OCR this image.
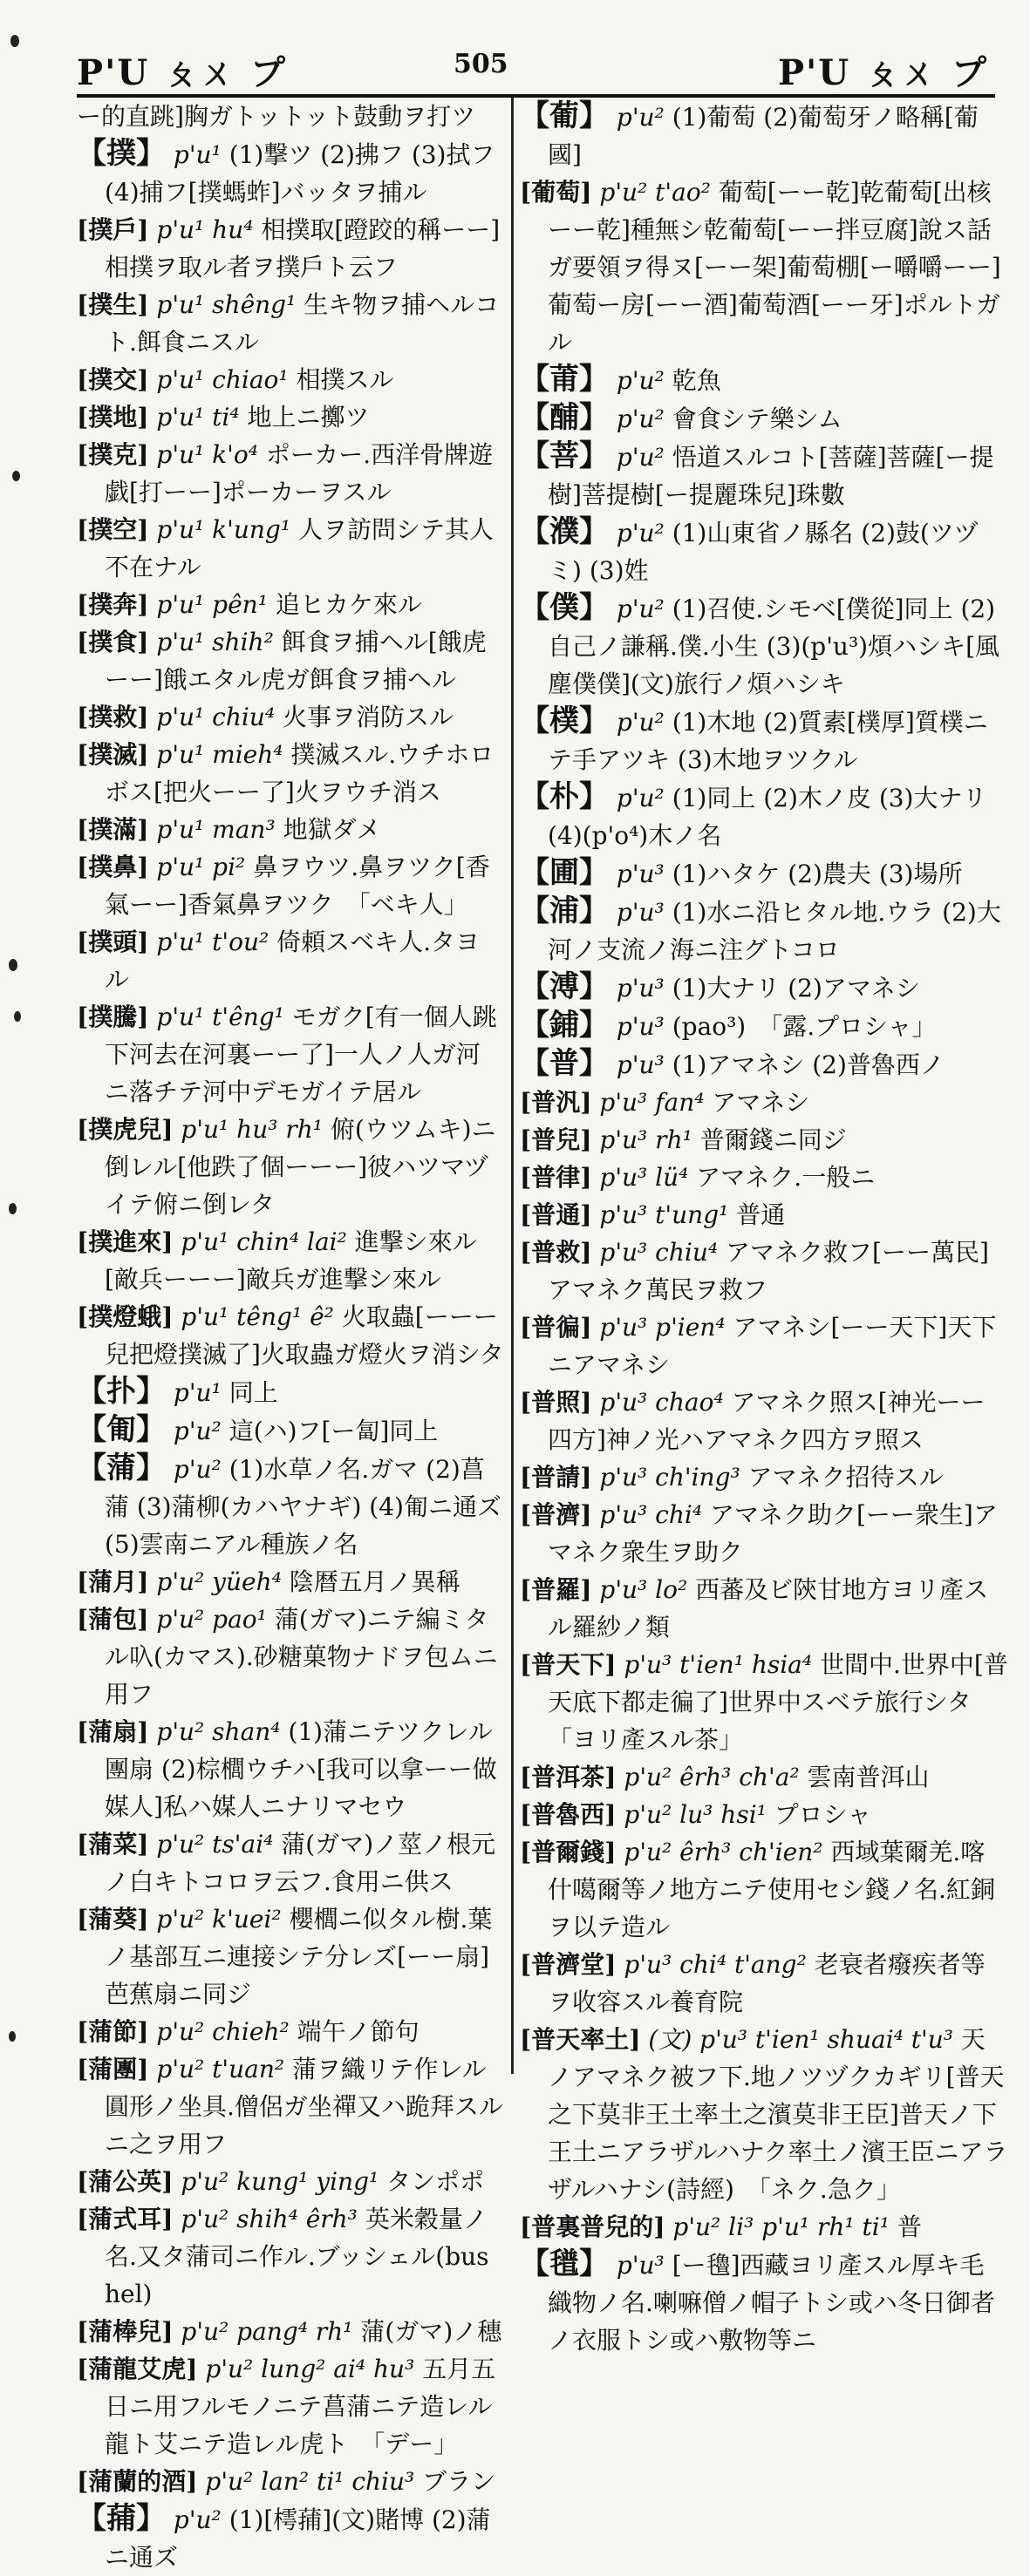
P'U ㄆㄨ プ	505	P'U ㄆㄨ プ

ー的直跳]胸ガトットット鼓動ヲ打ツ

【撲】 p'u¹ (1)撃ツ (2)拂フ (3)拭フ (4)捕フ[撲螞蚱]バッタヲ捕ル

[撲戶] p'u¹ hu⁴ 相撲取[蹬跤的稱ーー]相撲ヲ取ル者ヲ撲戶ト云フ

[撲生] p'u¹ shêng¹ 生キ物ヲ捕ヘルコト.餌食ニスル

[撲交] p'u¹ chiao¹ 相撲スル

[撲地] p'u¹ ti⁴ 地上ニ擲ツ

[撲克] p'u¹ k'o⁴ ポーカー.西洋骨牌遊戯[打ーー]ポーカーヲスル

[撲空] p'u¹ k'ung¹ 人ヲ訪問シテ其人不在ナル

[撲奔] p'u¹ pên¹ 追ヒカケ來ル

[撲食] p'u¹ shih² 餌食ヲ捕ヘル[餓虎ーー]餓エタル虎ガ餌食ヲ捕ヘル

[撲救] p'u¹ chiu⁴ 火事ヲ消防スル

[撲滅] p'u¹ mieh⁴ 撲滅スル.ウチホロボス[把火ーー了]火ヲウチ消ス

[撲滿] p'u¹ man³ 地獄ダメ

[撲鼻] p'u¹ pi² 鼻ヲウツ.鼻ヲツク[香氣ーー]香氣鼻ヲツク　「ベキ人」

[撲頭] p'u¹ t'ou² 倚頼スベキ人.タヨル

[撲騰] p'u¹ t'êng¹ モガク[有一個人跳下河去在河裏ーー了]一人ノ人ガ河ニ落チテ河中デモガイテ居ル

[撲虎兒] p'u¹ hu³ rh¹ 俯(ウツムキ)ニ倒レル[他跌了個ーーー]彼ハツマヅイテ俯ニ倒レタ

[撲進來] p'u¹ chin⁴ lai² 進撃シ來ル[敵兵ーーー]敵兵ガ進撃シ來ル

[撲燈蛾] p'u¹ têng¹ ê² 火取蟲[ーーー兒把燈撲滅了]火取蟲ガ燈火ヲ消シタ

【扑】 p'u¹ 同上

【匍】 p'u² 這(ハ)フ[ー匐]同上

【蒲】 p'u² (1)水草ノ名.ガマ (2)菖蒲 (3)蒲柳(カハヤナギ) (4)匍ニ通ズ (5)雲南ニアル種族ノ名

[蒲月] p'u² yüeh⁴ 陰暦五月ノ異稱

[蒲包] p'u² pao¹ 蒲(ガマ)ニテ編ミタル叺(カマス).砂糖菓物ナドヲ包ムニ用フ

[蒲扇] p'u² shan⁴ (1)蒲ニテツクレル團扇 (2)棕櫚ウチハ[我可以拿ーー做媒人]私ハ媒人ニナリマセウ

[蒲菜] p'u² ts'ai⁴ 蒲(ガマ)ノ莖ノ根元ノ白キトコロヲ云フ.食用ニ供ス

[蒲葵] p'u² k'uei² 櫻櫚ニ似タル樹.葉ノ基部互ニ連接シテ分レズ[ーー扇]芭蕉扇ニ同ジ

[蒲節] p'u² chieh² 端午ノ節句

[蒲團] p'u² t'uan² 蒲ヲ織リテ作レル圓形ノ坐具.僧侶ガ坐禪又ハ跪拜スルニ之ヲ用フ

[蒲公英] p'u² kung¹ ying¹ タンポポ

[蒲式耳] p'u² shih⁴ êrh³ 英米穀量ノ名.又タ蒲司ニ作ル.ブッシェル(bushel)

[蒲棒兒] p'u² pang⁴ rh¹ 蒲(ガマ)ノ穗

[蒲龍艾虎] p'u² lung² ai⁴ hu³ 五月五日ニ用フルモノニテ菖蒲ニテ造レル龍ト艾ニテ造レル虎ト　「デー」

[蒲蘭的酒] p'u² lan² ti¹ chiu³ ブラン

【蒱】 p'u² (1)[樗蒱](文)賭博 (2)蒲ニ通ズ

【葡】 p'u² (1)葡萄 (2)葡萄牙ノ略稱[葡國]

[葡萄] p'u² t'ao² 葡萄[ーー乾]乾葡萄[出核ーー乾]種無シ乾葡萄[ーー拌豆腐]說ス話ガ要領ヲ得ヌ[ーー架]葡萄棚[ー嚼嚼ーー]葡萄ー房[ーー酒]葡萄酒[ーー牙]ポルトガル

【莆】 p'u² 乾魚

【酺】 p'u² 會食シテ樂シム

【菩】 p'u² 悟道スルコト[菩薩]菩薩[ー提樹]菩提樹[ー提麗珠兒]珠數

【濮】 p'u² (1)山東省ノ縣名 (2)鼓(ツヅミ) (3)姓

【僕】 p'u² (1)召使.シモベ[僕從]同上 (2)自己ノ謙稱.僕.小生 (3)(p'u³)煩ハシキ[風塵僕僕](文)旅行ノ煩ハシキ

【樸】 p'u² (1)木地 (2)質素[樸厚]質樸ニテ手アツキ (3)木地ヲツクル

【朴】 p'u² (1)同上 (2)木ノ皮 (3)大ナリ (4)(p'o⁴)木ノ名

【圃】 p'u³ (1)ハタケ (2)農夫 (3)場所

【浦】 p'u³ (1)水ニ沿ヒタル地.ウラ (2)大河ノ支流ノ海ニ注グトコロ

【溥】 p'u³ (1)大ナリ (2)アマネシ

【鋪】 p'u³ (pao³)　「露.プロシャ」

【普】 p'u³ (1)アマネシ (2)普魯西ノ

[普汎] p'u³ fan⁴ アマネシ

[普兒] p'u³ rh¹ 普爾錢ニ同ジ

[普律] p'u³ lü⁴ アマネク.一般ニ

[普通] p'u³ t'ung¹ 普通

[普救] p'u³ chiu⁴ アマネク救フ[ーー萬民]アマネク萬民ヲ救フ

[普徧] p'u³ p'ien⁴ アマネシ[ーー天下]天下ニアマネシ

[普照] p'u³ chao⁴ アマネク照ス[神光ーー四方]神ノ光ハアマネク四方ヲ照ス

[普請] p'u³ ch'ing³ アマネク招待スル

[普濟] p'u³ chi⁴ アマネク助ク[ーー衆生]アマネク衆生ヲ助ク

[普羅] p'u³ lo² 西蕃及ビ陝甘地方ヨリ產スル羅紗ノ類

[普天下] p'u³ t'ien¹ hsia⁴ 世間中.世界中[普天底下都走徧了]世界中スベテ旅行シタ　「ヨリ產スル茶」

[普洱茶] p'u² êrh³ ch'a² 雲南普洱山

[普魯西] p'u² lu³ hsi¹ プロシャ

[普爾錢] p'u² êrh³ ch'ien² 西域葉爾羌.喀什噶爾等ノ地方ニテ使用セシ錢ノ名.紅銅ヲ以テ造ル

[普濟堂] p'u³ chi⁴ t'ang² 老衰者癈疾者等ヲ收容スル養育院

[普天率土] (文) p'u³ t'ien¹ shuai⁴ t'u³ 天ノアマネク被フ下.地ノツヅクカギリ[普天之下莫非王土率土之濱莫非王臣]普天ノ下王土ニアラザルハナク率土ノ濱王臣ニアラザルハナシ(詩經)　「ネク.急ク」

[普裏普兒的] p'u² li³ p'u¹ rh¹ ti¹ 普

【氆】 p'u³ [ー氌]西藏ヨリ產スル厚キ毛織物ノ名.喇嘛僧ノ帽子トシ或ハ冬日御者ノ衣服トシ或ハ敷物等ニ
